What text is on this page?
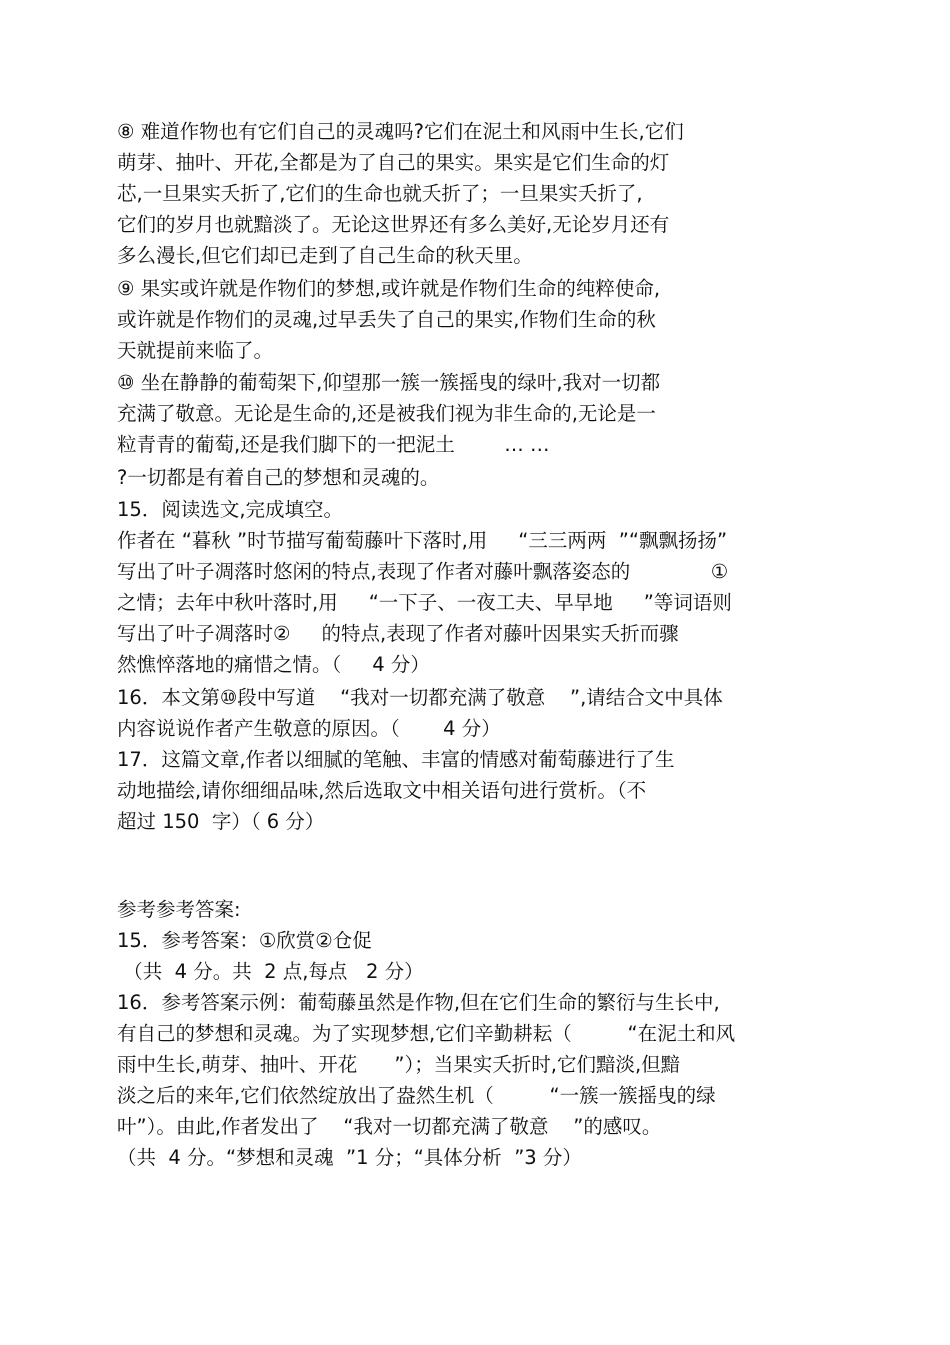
⑧ 难道作物也有它们自己的灵魂吗?它们在泥土和风雨中生长,它们

萌芽、抽叶、开花,全都是为了自己的果实。果实是它们生命的灯

芯,一旦果实夭折了,它们的生命也就夭折了；一旦果实夭折了,

它们的岁月也就黯淡了。无论这世界还有多么美好,无论岁月还有

多么漫长,但它们却已走到了自己生命的秋天里。

⑨ 果实或许就是作物们的梦想,或许就是作物们生命的纯粹使命,

或许就是作物们的灵魂,过早丢失了自己的果实,作物们生命的秋

天就提前来临了。

⑩ 坐在静静的葡萄架下,仰望那一簇一簇摇曳的绿叶,我对一切都

充满了敬意。无论是生命的,还是被我们视为非生命的,无论是一

粒青青的葡萄,还是我们脚下的一把泥土        … …

?一切都是有着自己的梦想和灵魂的。

15．阅读选文,完成填空。

作者在 “暮秋 ”时节描写葡萄藤叶下落时,用     “三三两两  ”“飘飘扬扬”

写出了叶子凋落时悠闲的特点,表现了作者对藤叶飘落姿态的             ①

之情；去年中秋叶落时,用     “一下子、一夜工夫、早早地     ”等词语则

写出了叶子凋落时②     的特点,表现了作者对藤叶因果实夭折而骤

然憔悴落地的痛惜之情。（     4 分）

16．本文第⑩段中写道    “我对一切都充满了敬意    ”,请结合文中具体

内容说说作者产生敬意的原因。（       4 分）

17．这篇文章,作者以细腻的笔触、丰富的情感对葡萄藤进行了生

动地描绘,请你细细品味,然后选取文中相关语句进行赏析。（不

超过 150  字）（ 6 分）

参考参考答案:

15．参考答案：①欣赏②仓促

（共  4 分。共  2 点,每点   2 分）

16．参考答案示例：葡萄藤虽然是作物,但在它们生命的繁衍与生长中,

有自己的梦想和灵魂。为了实现梦想,它们辛勤耕耘（         “在泥土和风

雨中生长,萌芽、抽叶、开花      ”）；当果实夭折时,它们黯淡,但黯

淡之后的来年,它们依然绽放出了盎然生机（         “一簇一簇摇曳的绿

叶”）。由此,作者发出了    “我对一切都充满了敬意    ”的感叹。

（共  4 分。“梦想和灵魂  ”1 分；“具体分析  ”3 分）
